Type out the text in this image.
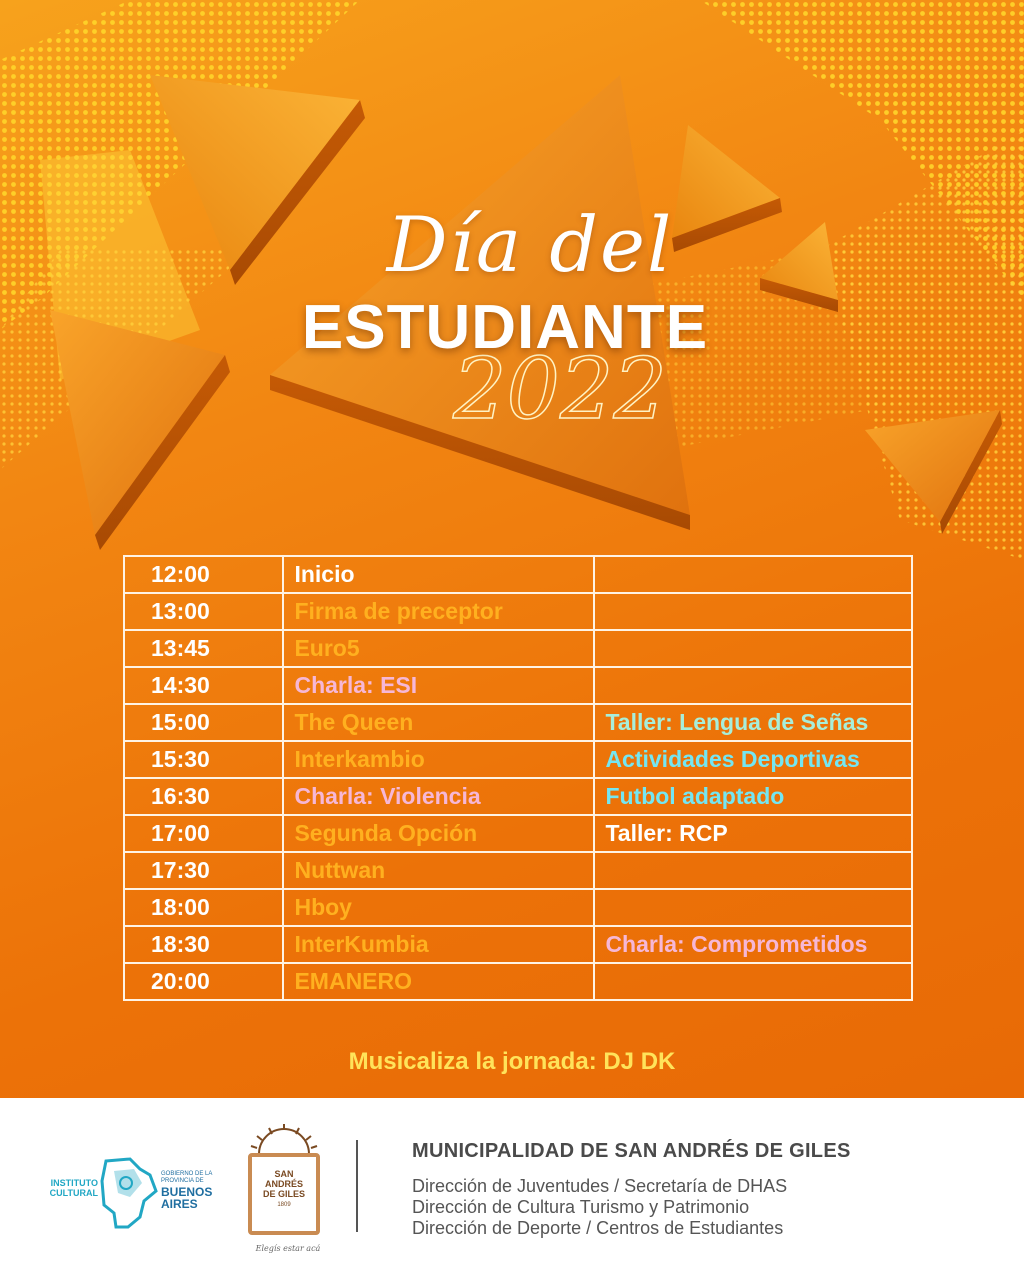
Día del
2022
ESTUDIANTE
12:00	Inicio	
13:00	Firma de preceptor	
13:45	Euro5	
14:30	Charla: ESI	
15:00	The Queen	Taller: Lengua de Señas
15:30	Interkambio	Actividades Deportivas
16:30	Charla: Violencia	Futbol adaptado
17:00	Segunda Opción	Taller: RCP
17:30	Nuttwan	
18:00	Hboy	
18:30	InterKumbia	Charla: Comprometidos
20:00	EMANERO	
Musicaliza la jornada: DJ DK
INSTITUTO CULTURAL
GOBIERNO DE LA PROVINCIA DE
BUENOS AIRES
SAN
ANDRÉS
DE GILES
1809
Elegís estar acá
MUNICIPALIDAD DE SAN ANDRÉS DE GILES
Dirección de Juventudes / Secretaría de DHAS
Dirección de Cultura Turismo y Patrimonio
Dirección de Deporte / Centros de Estudiantes
